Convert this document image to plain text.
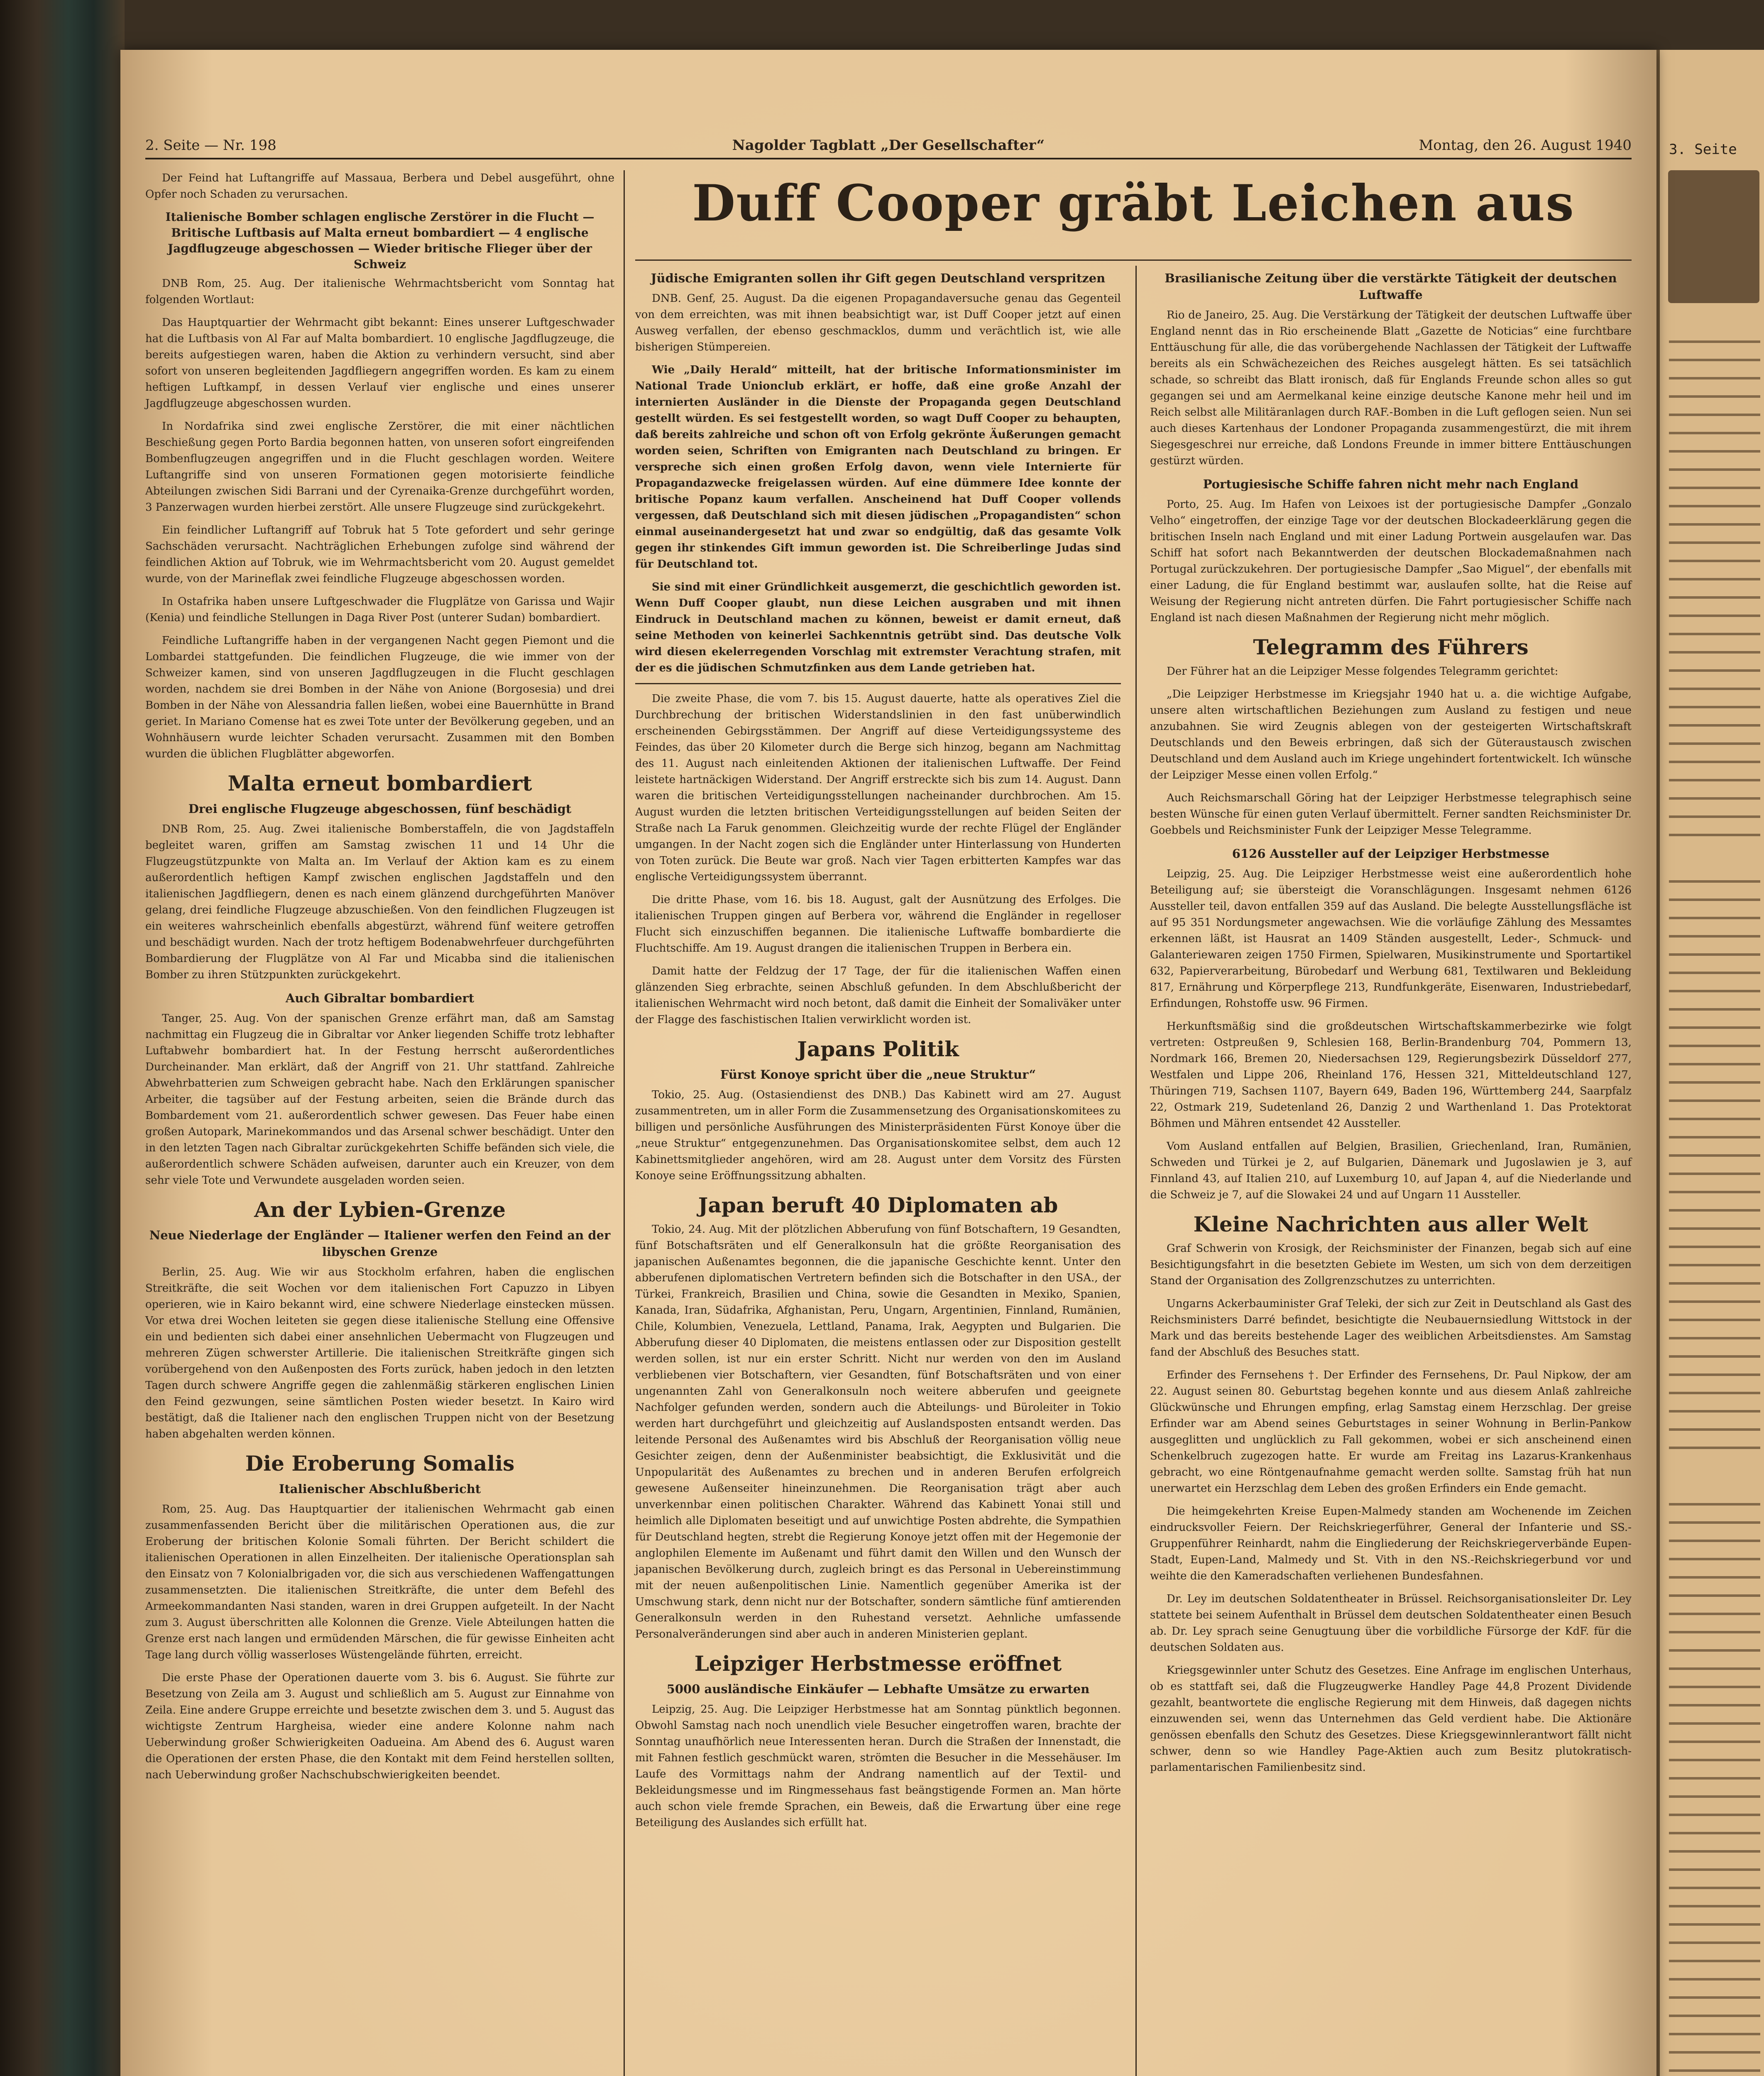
3. Seite
2. Seite — Nr. 198	Nagolder Tagblatt „Der Gesellschafter“	Montag, den 26. August 1940

Der Feind hat Luftangriffe auf Massaua, Berbera und Debel ausgeführt, ohne Opfer noch Schaden zu verursachen.

Italienische Bomber schlagen englische Zerstörer in die Flucht — Britische Luftbasis auf Malta erneut bombardiert — 4 englische Jagdflugzeuge abgeschossen — Wieder britische Flieger über der Schweiz

DNB Rom, 25. Aug. Der italienische Wehrmachtsbericht vom Sonntag hat folgenden Wortlaut:

Das Hauptquartier der Wehrmacht gibt bekannt: Eines unserer Luftgeschwader hat die Luftbasis von Al Far auf Malta bombardiert. 10 englische Jagdflugzeuge, die bereits aufgestiegen waren, haben die Aktion zu verhindern versucht, sind aber sofort von unseren begleitenden Jagdfliegern angegriffen worden. Es kam zu einem heftigen Luftkampf, in dessen Verlauf vier englische und eines unserer Jagdflugzeuge abgeschossen wurden.

In Nordafrika sind zwei englische Zerstörer, die mit einer nächtlichen Beschießung gegen Porto Bardia begonnen hatten, von unseren sofort eingreifenden Bombenflugzeugen angegriffen und in die Flucht geschlagen worden. Weitere Luftangriffe sind von unseren Formationen gegen motorisierte feindliche Abteilungen zwischen Sidi Barrani und der Cyrenaika-Grenze durchgeführt worden, 3 Panzerwagen wurden hierbei zerstört. Alle unsere Flugzeuge sind zurückgekehrt.

Ein feindlicher Luftangriff auf Tobruk hat 5 Tote gefordert und sehr geringe Sachschäden verursacht. Nachträglichen Erhebungen zufolge sind während der feindlichen Aktion auf Tobruk, wie im Wehrmachtsbericht vom 20. August gemeldet wurde, von der Marineflak zwei feindliche Flugzeuge abgeschossen worden.

In Ostafrika haben unsere Luftgeschwader die Flugplätze von Garissa und Wajir (Kenia) und feindliche Stellungen in Daga River Post (unterer Sudan) bombardiert.

Feindliche Luftangriffe haben in der vergangenen Nacht gegen Piemont und die Lombardei stattgefunden. Die feindlichen Flugzeuge, die wie immer von der Schweizer kamen, sind von unseren Jagdflugzeugen in die Flucht geschlagen worden, nachdem sie drei Bomben in der Nähe von Anione (Borgosesia) und drei Bomben in der Nähe von Alessandria fallen ließen, wobei eine Bauernhütte in Brand geriet. In Mariano Comense hat es zwei Tote unter der Bevölkerung gegeben, und an Wohnhäusern wurde leichter Schaden verursacht. Zusammen mit den Bomben wurden die üblichen Flugblätter abgeworfen.

Malta erneut bombardiert
Drei englische Flugzeuge abgeschossen, fünf beschädigt

DNB Rom, 25. Aug. Zwei italienische Bomberstaffeln, die von Jagdstaffeln begleitet waren, griffen am Samstag zwischen 11 und 14 Uhr die Flugzeugstützpunkte von Malta an. Im Verlauf der Aktion kam es zu einem außerordentlich heftigen Kampf zwischen englischen Jagdstaffeln und den italienischen Jagdfliegern, denen es nach einem glänzend durchgeführten Manöver gelang, drei feindliche Flugzeuge abzuschießen. Von den feindlichen Flugzeugen ist ein weiteres wahrscheinlich ebenfalls abgestürzt, während fünf weitere getroffen und beschädigt wurden. Nach der trotz heftigem Bodenabwehrfeuer durchgeführten Bombardierung der Flugplätze von Al Far und Micabba sind die italienischen Bomber zu ihren Stützpunkten zurückgekehrt.

Auch Gibraltar bombardiert

Tanger, 25. Aug. Von der spanischen Grenze erfährt man, daß am Samstag nachmittag ein Flugzeug die in Gibraltar vor Anker liegenden Schiffe trotz lebhafter Luftabwehr bombardiert hat. In der Festung herrscht außerordentliches Durcheinander. Man erklärt, daß der Angriff von 21. Uhr stattfand. Zahlreiche Abwehrbatterien zum Schweigen gebracht habe. Nach den Erklärungen spanischer Arbeiter, die tagsüber auf der Festung arbeiten, seien die Brände durch das Bombardement vom 21. außerordentlich schwer gewesen. Das Feuer habe einen großen Autopark, Marinekommandos und das Arsenal schwer beschädigt. Unter den in den letzten Tagen nach Gibraltar zurückgekehrten Schiffe befänden sich viele, die außerordentlich schwere Schäden aufweisen, darunter auch ein Kreuzer, von dem sehr viele Tote und Verwundete ausgeladen worden seien.

An der Lybien-Grenze
Neue Niederlage der Engländer — Italiener werfen den Feind an der libyschen Grenze

Berlin, 25. Aug. Wie wir aus Stockholm erfahren, haben die englischen Streitkräfte, die seit Wochen vor dem italienischen Fort Capuzzo in Libyen operieren, wie in Kairo bekannt wird, eine schwere Niederlage einstecken müssen. Vor etwa drei Wochen leiteten sie gegen diese italienische Stellung eine Offensive ein und bedienten sich dabei einer ansehnlichen Uebermacht von Flugzeugen und mehreren Zügen schwerster Artillerie. Die italienischen Streitkräfte gingen sich vorübergehend von den Außenposten des Forts zurück, haben jedoch in den letzten Tagen durch schwere Angriffe gegen die zahlenmäßig stärkeren englischen Linien den Feind gezwungen, seine sämtlichen Posten wieder besetzt. In Kairo wird bestätigt, daß die Italiener nach den englischen Truppen nicht von der Besetzung haben abgehalten werden können.

Die Eroberung Somalis
Italienischer Abschlußbericht

Rom, 25. Aug. Das Hauptquartier der italienischen Wehrmacht gab einen zusammenfassenden Bericht über die militärischen Operationen aus, die zur Eroberung der britischen Kolonie Somali führten. Der Bericht schildert die italienischen Operationen in allen Einzelheiten. Der italienische Operationsplan sah den Einsatz von 7 Kolonialbrigaden vor, die sich aus verschiedenen Waffengattungen zusammensetzten. Die italienischen Streitkräfte, die unter dem Befehl des Armeekommandanten Nasi standen, waren in drei Gruppen aufgeteilt. In der Nacht zum 3. August überschritten alle Kolonnen die Grenze. Viele Abteilungen hatten die Grenze erst nach langen und ermüdenden Märschen, die für gewisse Einheiten acht Tage lang durch völlig wasserloses Wüstengelände führten, erreicht.

Die erste Phase der Operationen dauerte vom 3. bis 6. August. Sie führte zur Besetzung von Zeila am 3. August und schließlich am 5. August zur Einnahme von Zeila. Eine andere Gruppe erreichte und besetzte zwischen dem 3. und 5. August das wichtigste Zentrum Hargheisa, wieder eine andere Kolonne nahm nach Ueberwindung großer Schwierigkeiten Oadueina. Am Abend des 6. August waren die Operationen der ersten Phase, die den Kontakt mit dem Feind herstellen sollten, nach Ueberwindung großer Nachschubschwierigkeiten beendet.

Duff Cooper gräbt Leichen aus
Jüdische Emigranten sollen ihr Gift gegen Deutschland verspritzen

DNB. Genf, 25. August. Da die eigenen Propagandaversuche genau das Gegenteil von dem erreichten, was mit ihnen beabsichtigt war, ist Duff Cooper jetzt auf einen Ausweg verfallen, der ebenso geschmacklos, dumm und verächtlich ist, wie alle bisherigen Stümpereien.

Wie „Daily Herald“ mitteilt, hat der britische Informationsminister im National Trade Unionclub erklärt, er hoffe, daß eine große Anzahl der internierten Ausländer in die Dienste der Propaganda gegen Deutschland gestellt würden. Es sei festgestellt worden, so wagt Duff Cooper zu behaupten, daß bereits zahlreiche und schon oft von Erfolg gekrönte Äußerungen gemacht worden seien, Schriften von Emigranten nach Deutschland zu bringen. Er verspreche sich einen großen Erfolg davon, wenn viele Internierte für Propagandazwecke freigelassen würden. Auf eine dümmere Idee konnte der britische Popanz kaum verfallen. Anscheinend hat Duff Cooper vollends vergessen, daß Deutschland sich mit diesen jüdischen „Propagandisten“ schon einmal auseinandergesetzt hat und zwar so endgültig, daß das gesamte Volk gegen ihr stinkendes Gift immun geworden ist. Die Schreiberlinge Judas sind für Deutschland tot.

Sie sind mit einer Gründlichkeit ausgemerzt, die geschichtlich geworden ist. Wenn Duff Cooper glaubt, nun diese Leichen ausgraben und mit ihnen Eindruck in Deutschland machen zu können, beweist er damit erneut, daß seine Methoden von keinerlei Sachkenntnis getrübt sind. Das deutsche Volk wird diesen ekelerregenden Vorschlag mit extremster Verachtung strafen, mit der es die jüdischen Schmutzfinken aus dem Lande getrieben hat.

Die zweite Phase, die vom 7. bis 15. August dauerte, hatte als operatives Ziel die Durchbrechung der britischen Widerstandslinien in den fast unüberwindlich erscheinenden Gebirgsstämmen. Der Angriff auf diese Verteidigungssysteme des Feindes, das über 20 Kilometer durch die Berge sich hinzog, begann am Nachmittag des 11. August nach einleitenden Aktionen der italienischen Luftwaffe. Der Feind leistete hartnäckigen Widerstand. Der Angriff erstreckte sich bis zum 14. August. Dann waren die britischen Verteidigungsstellungen nacheinander durchbrochen. Am 15. August wurden die letzten britischen Verteidigungsstellungen auf beiden Seiten der Straße nach La Faruk genommen. Gleichzeitig wurde der rechte Flügel der Engländer umgangen. In der Nacht zogen sich die Engländer unter Hinterlassung von Hunderten von Toten zurück. Die Beute war groß. Nach vier Tagen erbitterten Kampfes war das englische Verteidigungssystem überrannt.

Die dritte Phase, vom 16. bis 18. August, galt der Ausnützung des Erfolges. Die italienischen Truppen gingen auf Berbera vor, während die Engländer in regelloser Flucht sich einzuschiffen begannen. Die italienische Luftwaffe bombardierte die Fluchtschiffe. Am 19. August drangen die italienischen Truppen in Berbera ein.

Damit hatte der Feldzug der 17 Tage, der für die italienischen Waffen einen glänzenden Sieg erbrachte, seinen Abschluß gefunden. In dem Abschlußbericht der italienischen Wehrmacht wird noch betont, daß damit die Einheit der Somaliväker unter der Flagge des faschistischen Italien verwirklicht worden ist.

Japans Politik
Fürst Konoye spricht über die „neue Struktur“

Tokio, 25. Aug. (Ostasiendienst des DNB.) Das Kabinett wird am 27. August zusammentreten, um in aller Form die Zusammensetzung des Organisationskomitees zu billigen und persönliche Ausführungen des Ministerpräsidenten Fürst Konoye über die „neue Struktur“ entgegenzunehmen. Das Organisationskomitee selbst, dem auch 12 Kabinettsmitglieder angehören, wird am 28. August unter dem Vorsitz des Fürsten Konoye seine Eröffnungssitzung abhalten.

Japan beruft 40 Diplomaten ab

Tokio, 24. Aug. Mit der plötzlichen Abberufung von fünf Botschaftern, 19 Gesandten, fünf Botschaftsräten und elf Generalkonsuln hat die größte Reorganisation des japanischen Außenamtes begonnen, die die japanische Geschichte kennt. Unter den abberufenen diplomatischen Vertretern befinden sich die Botschafter in den USA., der Türkei, Frankreich, Brasilien und China, sowie die Gesandten in Mexiko, Spanien, Kanada, Iran, Südafrika, Afghanistan, Peru, Ungarn, Argentinien, Finnland, Rumänien, Chile, Kolumbien, Venezuela, Lettland, Panama, Irak, Aegypten und Bulgarien. Die Abberufung dieser 40 Diplomaten, die meistens entlassen oder zur Disposition gestellt werden sollen, ist nur ein erster Schritt. Nicht nur werden von den im Ausland verbliebenen vier Botschaftern, vier Gesandten, fünf Botschaftsräten und von einer ungenannten Zahl von Generalkonsuln noch weitere abberufen und geeignete Nachfolger gefunden werden, sondern auch die Abteilungs- und Büroleiter in Tokio werden hart durchgeführt und gleichzeitig auf Auslandsposten entsandt werden. Das leitende Personal des Außenamtes wird bis Abschluß der Reorganisation völlig neue Gesichter zeigen, denn der Außenminister beabsichtigt, die Exklusivität und die Unpopularität des Außenamtes zu brechen und in anderen Berufen erfolgreich gewesene Außenseiter hineinzunehmen. Die Reorganisation trägt aber auch unverkennbar einen politischen Charakter. Während das Kabinett Yonai still und heimlich alle Diplomaten beseitigt und auf unwichtige Posten abdrehte, die Sympathien für Deutschland hegten, strebt die Regierung Konoye jetzt offen mit der Hegemonie der anglophilen Elemente im Außenamt und führt damit den Willen und den Wunsch der japanischen Bevölkerung durch, zugleich bringt es das Personal in Uebereinstimmung mit der neuen außenpolitischen Linie. Namentlich gegenüber Amerika ist der Umschwung stark, denn nicht nur der Botschafter, sondern sämtliche fünf amtierenden Generalkonsuln werden in den Ruhestand versetzt. Aehnliche umfassende Personalveränderungen sind aber auch in anderen Ministerien geplant.

Leipziger Herbstmesse eröffnet
5000 ausländische Einkäufer — Lebhafte Umsätze zu erwarten

Leipzig, 25. Aug. Die Leipziger Herbstmesse hat am Sonntag pünktlich begonnen. Obwohl Samstag nach noch unendlich viele Besucher eingetroffen waren, brachte der Sonntag unaufhörlich neue Interessenten heran. Durch die Straßen der Innenstadt, die mit Fahnen festlich geschmückt waren, strömten die Besucher in die Messehäuser. Im Laufe des Vormittags nahm der Andrang namentlich auf der Textil- und Bekleidungsmesse und im Ringmessehaus fast beängstigende Formen an. Man hörte auch schon viele fremde Sprachen, ein Beweis, daß die Erwartung über eine rege Beteiligung des Auslandes sich erfüllt hat.

Brasilianische Zeitung über die verstärkte Tätigkeit der deutschen Luftwaffe

Rio de Janeiro, 25. Aug. Die Verstärkung der Tätigkeit der deutschen Luftwaffe über England nennt das in Rio erscheinende Blatt „Gazette de Noticias“ eine furchtbare Enttäuschung für alle, die das vorübergehende Nachlassen der Tätigkeit der Luftwaffe bereits als ein Schwächezeichen des Reiches ausgelegt hätten. Es sei tatsächlich schade, so schreibt das Blatt ironisch, daß für Englands Freunde schon alles so gut gegangen sei und am Aermelkanal keine einzige deutsche Kanone mehr heil und im Reich selbst alle Militäranlagen durch RAF.-Bomben in die Luft geflogen seien. Nun sei auch dieses Kartenhaus der Londoner Propaganda zusammengestürzt, die mit ihrem Siegesgeschrei nur erreiche, daß Londons Freunde in immer bittere Enttäuschungen gestürzt würden.

Portugiesische Schiffe fahren nicht mehr nach England

Porto, 25. Aug. Im Hafen von Leixoes ist der portugiesische Dampfer „Gonzalo Velho“ eingetroffen, der einzige Tage vor der deutschen Blockadeerklärung gegen die britischen Inseln nach England und mit einer Ladung Portwein ausgelaufen war. Das Schiff hat sofort nach Bekanntwerden der deutschen Blockademaßnahmen nach Portugal zurückzukehren. Der portugiesische Dampfer „Sao Miguel“, der ebenfalls mit einer Ladung, die für England bestimmt war, auslaufen sollte, hat die Reise auf Weisung der Regierung nicht antreten dürfen. Die Fahrt portugiesischer Schiffe nach England ist nach diesen Maßnahmen der Regierung nicht mehr möglich.

Telegramm des Führers

Der Führer hat an die Leipziger Messe folgendes Telegramm gerichtet:

„Die Leipziger Herbstmesse im Kriegsjahr 1940 hat u. a. die wichtige Aufgabe, unsere alten wirtschaftlichen Beziehungen zum Ausland zu festigen und neue anzubahnen. Sie wird Zeugnis ablegen von der gesteigerten Wirtschaftskraft Deutschlands und den Beweis erbringen, daß sich der Güteraustausch zwischen Deutschland und dem Ausland auch im Kriege ungehindert fortentwickelt. Ich wünsche der Leipziger Messe einen vollen Erfolg.“

Auch Reichsmarschall Göring hat der Leipziger Herbstmesse telegraphisch seine besten Wünsche für einen guten Verlauf übermittelt. Ferner sandten Reichsminister Dr. Goebbels und Reichsminister Funk der Leipziger Messe Telegramme.

6126 Aussteller auf der Leipziger Herbstmesse

Leipzig, 25. Aug. Die Leipziger Herbstmesse weist eine außerordentlich hohe Beteiligung auf; sie übersteigt die Voranschlägungen. Insgesamt nehmen 6126 Aussteller teil, davon entfallen 359 auf das Ausland. Die belegte Ausstellungsfläche ist auf 95 351 Nordungsmeter angewachsen. Wie die vorläufige Zählung des Messamtes erkennen läßt, ist Hausrat an 1409 Ständen ausgestellt, Leder-, Schmuck- und Galanteriewaren zeigen 1750 Firmen, Spielwaren, Musikinstrumente und Sportartikel 632, Papierverarbeitung, Bürobedarf und Werbung 681, Textilwaren und Bekleidung 817, Ernährung und Körperpflege 213, Rundfunkgeräte, Eisenwaren, Industriebedarf, Erfindungen, Rohstoffe usw. 96 Firmen.

Herkunftsmäßig sind die großdeutschen Wirtschaftskammerbezirke wie folgt vertreten: Ostpreußen 9, Schlesien 168, Berlin-Brandenburg 704, Pommern 13, Nordmark 166, Bremen 20, Niedersachsen 129, Regierungsbezirk Düsseldorf 277, Westfalen und Lippe 206, Rheinland 176, Hessen 321, Mitteldeutschland 127, Thüringen 719, Sachsen 1107, Bayern 649, Baden 196, Württemberg 244, Saarpfalz 22, Ostmark 219, Sudetenland 26, Danzig 2 und Warthenland 1. Das Protektorat Böhmen und Mähren entsendet 42 Aussteller.

Vom Ausland entfallen auf Belgien, Brasilien, Griechenland, Iran, Rumänien, Schweden und Türkei je 2, auf Bulgarien, Dänemark und Jugoslawien je 3, auf Finnland 43, auf Italien 210, auf Luxemburg 10, auf Japan 4, auf die Niederlande und die Schweiz je 7, auf die Slowakei 24 und auf Ungarn 11 Aussteller.

Kleine Nachrichten aus aller Welt

Graf Schwerin von Krosigk, der Reichsminister der Finanzen, begab sich auf eine Besichtigungsfahrt in die besetzten Gebiete im Westen, um sich von dem derzeitigen Stand der Organisation des Zollgrenzschutzes zu unterrichten.

Ungarns Ackerbauminister Graf Teleki, der sich zur Zeit in Deutschland als Gast des Reichsministers Darré befindet, besichtigte die Neubauernsiedlung Wittstock in der Mark und das bereits bestehende Lager des weiblichen Arbeitsdienstes. Am Samstag fand der Abschluß des Besuches statt.

Erfinder des Fernsehens †. Der Erfinder des Fernsehens, Dr. Paul Nipkow, der am 22. August seinen 80. Geburtstag begehen konnte und aus diesem Anlaß zahlreiche Glückwünsche und Ehrungen empfing, erlag Samstag einem Herzschlag. Der greise Erfinder war am Abend seines Geburtstages in seiner Wohnung in Berlin-Pankow ausgeglitten und unglücklich zu Fall gekommen, wobei er sich anscheinend einen Schenkelbruch zugezogen hatte. Er wurde am Freitag ins Lazarus-Krankenhaus gebracht, wo eine Röntgenaufnahme gemacht werden sollte. Samstag früh hat nun unerwartet ein Herzschlag dem Leben des großen Erfinders ein Ende gemacht.

Die heimgekehrten Kreise Eupen-Malmedy standen am Wochenende im Zeichen eindrucksvoller Feiern. Der Reichskriegerführer, General der Infanterie und SS.-Gruppenführer Reinhardt, nahm die Eingliederung der Reichskriegerverbände Eupen-Stadt, Eupen-Land, Malmedy und St. Vith in den NS.-Reichskriegerbund vor und weihte die den Kameradschaften verliehenen Bundesfahnen.

Dr. Ley im deutschen Soldatentheater in Brüssel. Reichsorganisationsleiter Dr. Ley stattete bei seinem Aufenthalt in Brüssel dem deutschen Soldatentheater einen Besuch ab. Dr. Ley sprach seine Genugtuung über die vorbildliche Fürsorge der KdF. für die deutschen Soldaten aus.

Kriegsgewinnler unter Schutz des Gesetzes. Eine Anfrage im englischen Unterhaus, ob es stattfaft sei, daß die Flugzeugwerke Handley Page 44,8 Prozent Dividende gezahlt, beantwortete die englische Regierung mit dem Hinweis, daß dagegen nichts einzuwenden sei, wenn das Unternehmen das Geld verdient habe. Die Aktionäre genössen ebenfalls den Schutz des Gesetzes. Diese Kriegsgewinnlerantwort fällt nicht schwer, denn so wie Handley Page-Aktien auch zum Besitz plutokratisch-parlamentarischen Familienbesitz sind.
